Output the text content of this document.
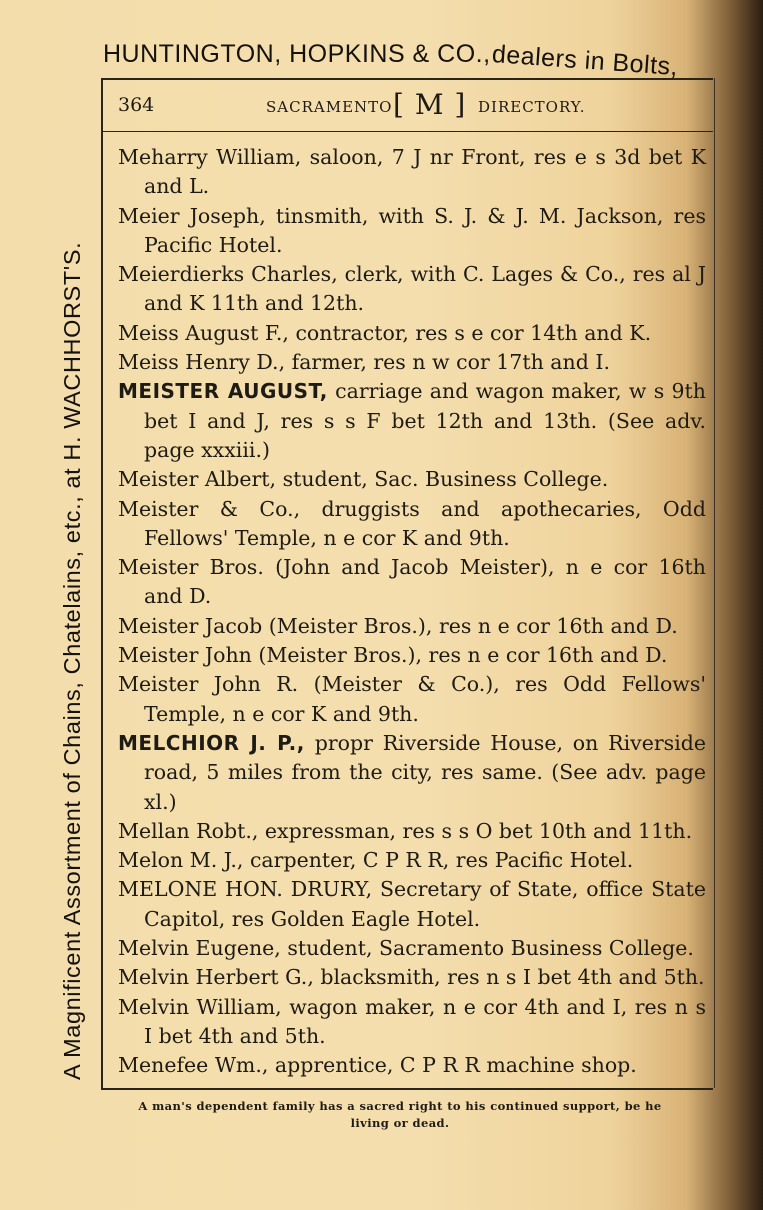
HUNTINGTON, HOPKINS & CO.,dealers in Bolts,
A Magnificent Assortment of Chains, Chatelains, etc., at H. WACHHORST'S.
364	SACRAMENTO [ M ] DIRECTORY.
Meharry William, saloon, 7 J nr Front, res e s 3d bet K and L.
Meier Joseph, tinsmith, with S. J. & J. M. Jackson, res Pacific Hotel.
Meierdierks Charles, clerk, with C. Lages & Co., res al J and K 11th and 12th.
Meiss August F., contractor, res s e cor 14th and K.
Meiss Henry D., farmer, res n w cor 17th and I.
MEISTER AUGUST, carriage and wagon maker, w s 9th bet I and J, res s s F bet 12th and 13th. (See adv. page xxxiii.)
Meister Albert, student, Sac. Business College.
Meister & Co., druggists and apothecaries, Odd Fellows' Temple, n e cor K and 9th.
Meister Bros. (John and Jacob Meister), n e cor 16th and D.
Meister Jacob (Meister Bros.), res n e cor 16th and D.
Meister John (Meister Bros.), res n e cor 16th and D.
Meister John R. (Meister & Co.), res Odd Fellows' Temple, n e cor K and 9th.
MELCHIOR J. P., propr Riverside House, on Riverside road, 5 miles from the city, res same. (See adv. page xl.)
Mellan Robt., expressman, res s s O bet 10th and 11th.
Melon M. J., carpenter, C P R R, res Pacific Hotel.
MELONE HON. DRURY, Secretary of State, office State Capitol, res Golden Eagle Hotel.
Melvin Eugene, student, Sacramento Business College.
Melvin Herbert G., blacksmith, res n s I bet 4th and 5th.
Melvin William, wagon maker, n e cor 4th and I, res n s I bet 4th and 5th.
Menefee Wm., apprentice, C P R R machine shop.
A man's dependent family has a sacred right to his continued support, be he
living or dead.
